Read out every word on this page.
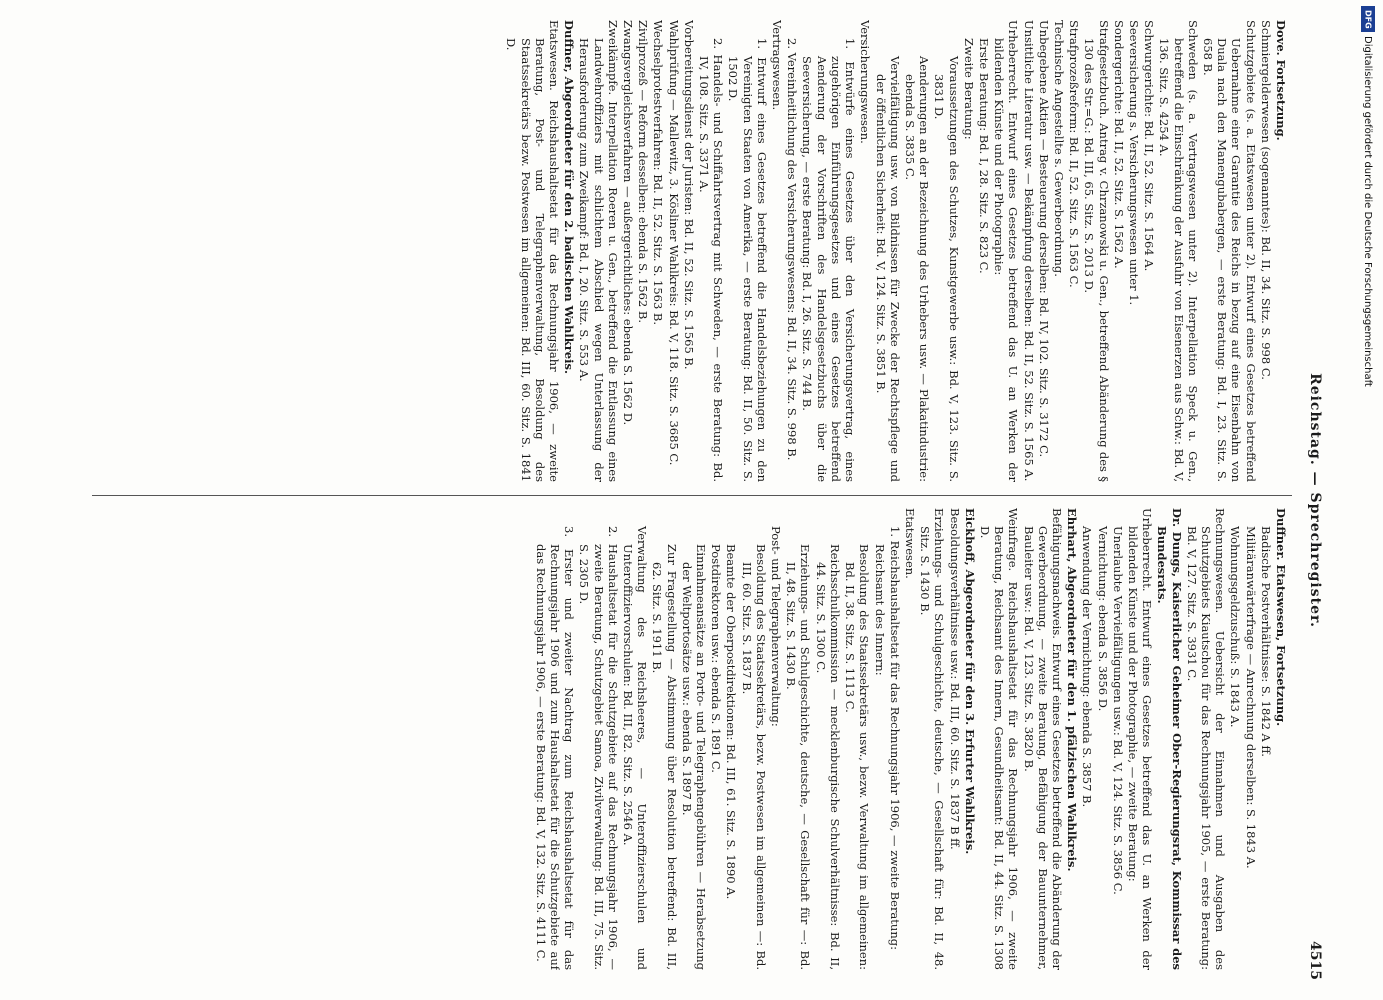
DFG
Digitalisierung gefördert durch die Deutsche Forschungsgemeinschaft
Reichstag. — Sprechregister.
4515
Dove. Fortsetzung.
Schmiergelderwesen (sogenanntes): Bd. II, 34. Sitz. S. 998 C.
Schutzgebiete (s. a. Etatswesen unter 2). Entwurf eines Gesetzes betreffend Uebernahme einer Garantie des Reichs in bezug auf eine Eisenbahn von Duala nach den Manengubabergen, — erste Beratung: Bd. I, 23. Sitz. S. 658 B.
Schweden (s. a. Vertragswesen unter 2). Interpellation Speck u. Gen., betreffend die Einschränkung der Ausfuhr von Eisenerzen aus Schw.: Bd. V, 136. Sitz. S. 4254 A.
Schwurgerichte: Bd. II, 52. Sitz. S. 1564 A.
Seeversicherung s. Versicherungswesen unter 1.
Sondergerichte: Bd. II, 52. Sitz. S. 1562 A.
Strafgesetzbuch. Antrag v. Chrzanowski u. Gen., betreffend Abänderung des § 130 des Str.=G.: Bd. III, 65. Sitz. S. 2013 D.
Strafprozeßreform: Bd. II, 52. Sitz. S. 1563 C.
Technische Angestellte s. Gewerbeordnung.
Unbegebene Aktien — Besteuerung derselben: Bd. IV, 102. Sitz. S. 3172 C.
Unsittliche Literatur usw. — Bekämpfung derselben: Bd. II, 52. Sitz. S. 1565 A.
Urheberrecht. Entwurf eines Gesetzes betreffend das U. an Werken der bildenden Künste und der Photographie:
Erste Beratung: Bd. I, 28. Sitz. S. 823 C.
Zweite Beratung:
Voraussetzungen des Schutzes, Kunstgewerbe usw.: Bd. V, 123. Sitz. S. 3831 D.
Aenderungen an der Bezeichnung des Urhebers usw. — Plakatindustrie: ebenda S. 3835 C.
Vervielfältigung usw. von Bildnissen für Zwecke der Rechtspflege und der öffentlichen Sicherheit: Bd. V, 124. Sitz. S. 3851 B.
Versicherungswesen.
1. Entwürfe eines Gesetzes über den Versicherungsvertrag, eines zugehörigen Einführungsgesetzes und eines Gesetzes betreffend Aenderung der Vorschriften des Handelsgesetzbuchs über die Seeversicherung, — erste Beratung: Bd. I, 26. Sitz. S. 744 B.
2. Vereinheitlichung des Versicherungswesens: Bd. II, 34. Sitz. S. 998 B.
Vertragswesen.
1. Entwurf eines Gesetzes betreffend die Handelsbeziehungen zu den Vereinigten Staaten von Amerika, — erste Beratung: Bd. II, 50. Sitz. S. 1502 D.
2. Handels- und Schiffahrtsvertrag mit Schweden, — erste Beratung: Bd. IV, 108. Sitz. S. 3371 A.
Vorbereitungsdienst der Juristen: Bd. II, 52. Sitz. S. 1565 B.
Wahlprüfung — Mallewitz, 3. Kösliner Wahlkreis: Bd. V, 118. Sitz. S. 3685 C.
Wechselprotestverfahren: Bd. II, 52. Sitz. S. 1563 B.
Zivilprozeß — Reform desselben: ebenda S. 1562 B.
Zwangsvergleichsverfahren — außergerichtliches: ebenda S. 1562 D.
Zweikämpfe. Interpellation Roeren u. Gen., betreffend die Entlassung eines Landwehroffiziers mit schlichtem Abschied wegen Unterlassung der Herausforderung zum Zweikampf: Bd. I, 20. Sitz. S. 553 A.
Duffner, Abgeordneter für den 2. badischen Wahlkreis.
Etatswesen. Reichshaushaltsetat für das Rechnungsjahr 1906, — zweite Beratung, Post- und Telegraphenverwaltung, Besoldung des Staatssekretärs bezw. Postwesen im allgemeinen: Bd. III, 60. Sitz. S. 1841 D.
Duffner. Etatswesen, Fortsetzung.
Badische Postverhältnisse: S. 1842 A ff.
Militäranwärterfrage — Anrechnung derselben: S. 1843 A.
Wohnungsgeldzuschuß: S. 1843 A.
Rechnungswesen. Uebersicht der Einnahmen und Ausgaben des Schutzgebiets Kiautschou für das Rechnungsjahr 1905, — erste Beratung: Bd. V, 127. Sitz. S. 3931 C.
Dr. Dungs, Kaiserlicher Geheimer Ober-Regierungsrat, Kommissar des Bundesrats.
Urheberrecht. Entwurf eines Gesetzes betreffend das U. an Werken der bildenden Künste und der Photographie, — zweite Beratung:
Unerlaubte Vervielfältigungen usw.: Bd. V, 124. Sitz. S. 3856 C.
Vernichtung: ebenda S. 3856 D.
Anwendung der Vernichtung: ebenda S. 3857 B.
Ehrhart, Abgeordneter für den 1. pfälzischen Wahlkreis.
Befähigungsnachweis. Entwurf eines Gesetzes betreffend die Abänderung der Gewerbeordnung, — zweite Beratung, Befähigung der Bauunternehmer, Bauleiter usw.: Bd. V, 123. Sitz. S. 3820 B.
Weinfrage. Reichshaushaltsetat für das Rechnungsjahr 1906, — zweite Beratung, Reichsamt des Innern, Gesundheitsamt: Bd. II, 44. Sitz. S. 1308 D.
Eickhoff, Abgeordneter für den 3. Erfurter Wahlkreis.
Besoldungsverhältnisse usw.: Bd. III, 60. Sitz. S. 1837 B ff.
Erziehungs- und Schulgeschichte, deutsche, — Gesellschaft für: Bd. II, 48. Sitz. S. 1430 B.
Etatswesen.
1. Reichshaushaltsetat für das Rechnungsjahr 1906, — zweite Beratung:
Reichsamt des Innern:
Besoldung des Staatssekretärs usw., bezw. Verwaltung im allgemeinen: Bd. II, 38. Sitz. S. 1113 C.
Reichsschulkommission — mecklenburgische Schulverhältnisse: Bd. II, 44. Sitz. S. 1300 C.
Erziehungs- und Schulgeschichte, deutsche, — Gesellschaft für —: Bd. II, 48. Sitz. S. 1430 B.
Post- und Telegraphenverwaltung:
Besoldung des Staatssekretärs, bezw. Postwesen im allgemeinen —: Bd. III, 60. Sitz. S. 1837 B.
Beamte der Oberpostdirektionen: Bd. III, 61. Sitz. S. 1890 A.
Postdirektoren usw.: ebenda S. 1891 C.
Einnahmeansätze an Porto- und Telegraphengebühren — Herabsetzung der Weltportosätze usw.: ebenda S. 1897 B.
Zur Fragestellung — Abstimmung über Resolution betreffend: Bd. III, 62. Sitz. S. 1911 B.
Verwaltung des Reichsheeres, — Unteroffizierschulen und Unteroffiziervorschulen: Bd. III, 82. Sitz. S. 2546 A.
2. Haushaltsetat für die Schutzgebiete auf das Rechnungsjahr 1906, — zweite Beratung, Schutzgebiet Samoa, Zivilverwaltung: Bd. III, 75. Sitz. S. 2305 D.
3. Erster und zweiter Nachtrag zum Reichshaushaltsetat für das Rechnungsjahr 1906 und zum Haushaltsetat für die Schutzgebiete auf das Rechnungsjahr 1906, — erste Beratung: Bd. V, 132. Sitz. S. 4111 C.
